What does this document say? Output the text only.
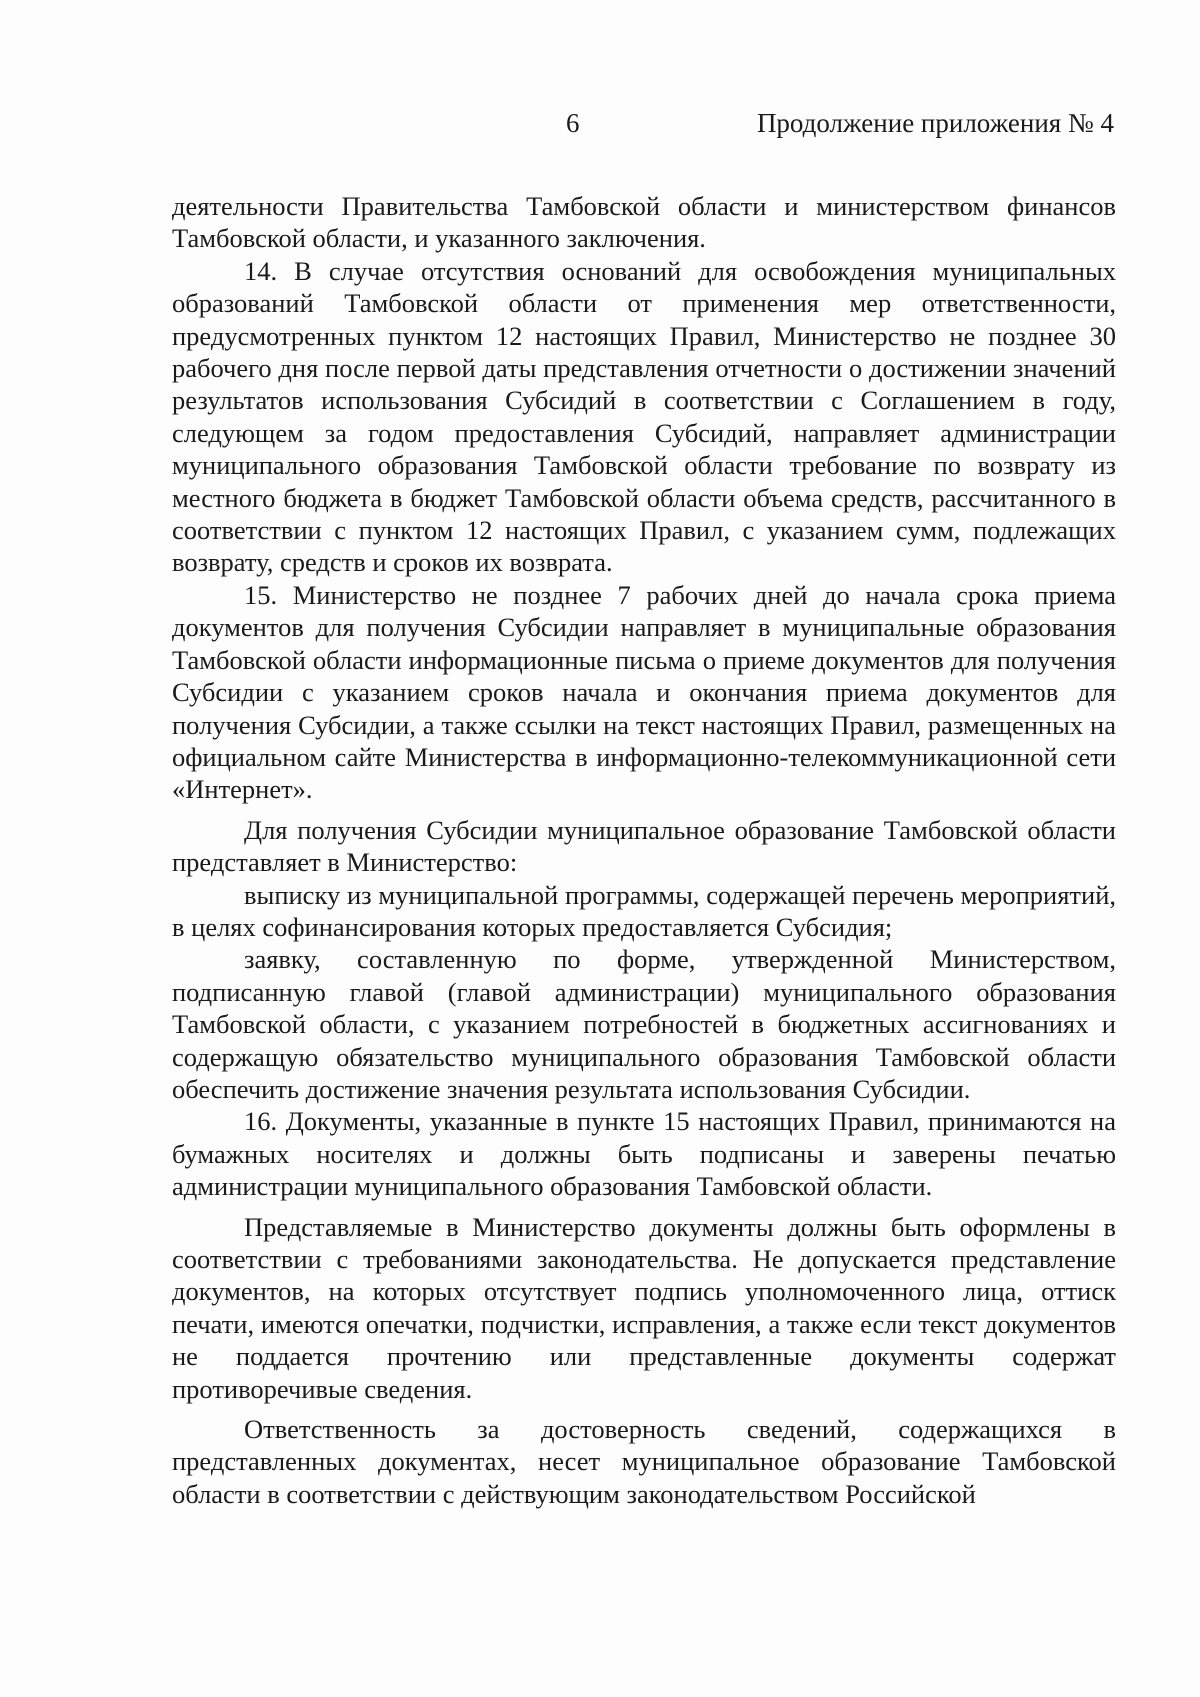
6	Продолжение приложения № 4

деятельности Правительства Тамбовской области и министерством финансов Тамбовской области, и указанного заключения.

14. В случае отсутствия оснований для освобождения муниципальных образований Тамбовской области от применения мер ответственности, предусмотренных пунктом 12 настоящих Правил, Министерство не позднее 30 рабочего дня после первой даты представления отчетности о достижении значений результатов использования Субсидий в соответствии с Соглашением в году, следующем за годом предоставления Субсидий, направляет администрации муниципального образования Тамбовской области требование по возврату из местного бюджета в бюджет Тамбовской области объема средств, рассчитанного в соответствии с пунктом 12 настоящих Правил, с указанием сумм, подлежащих возврату, средств и сроков их возврата.

15. Министерство не позднее 7 рабочих дней до начала срока приема документов для получения Субсидии направляет в муниципальные образования Тамбовской области информационные письма о приеме документов для получения Субсидии с указанием сроков начала и окончания приема документов для получения Субсидии, а также ссылки на текст настоящих Правил, размещенных на официальном сайте Министерства в информационно-телекоммуникационной сети «Интернет».

Для получения Субсидии муниципальное образование Тамбовской области представляет в Министерство:

выписку из муниципальной программы, содержащей перечень мероприятий, в целях софинансирования которых предоставляется Субсидия;

заявку, составленную по форме, утвержденной Министерством, подписанную главой (главой администрации) муниципального образования Тамбовской области, с указанием потребностей в бюджетных ассигнованиях и содержащую обязательство муниципального образования Тамбовской области обеспечить достижение значения результата использования Субсидии.

16. Документы, указанные в пункте 15 настоящих Правил, принимаются на бумажных носителях и должны быть подписаны и заверены печатью администрации муниципального образования Тамбовской области.

Представляемые в Министерство документы должны быть оформлены в соответствии с требованиями законодательства. Не допускается представление документов, на которых отсутствует подпись уполномоченного лица, оттиск печати, имеются опечатки, подчистки, исправления, а также если текст документов не поддается прочтению или представленные документы содержат противоречивые сведения.

Ответственность за достоверность сведений, содержащихся в представленных документах, несет муниципальное образование Тамбовской области в соответствии с действующим законодательством Российской
